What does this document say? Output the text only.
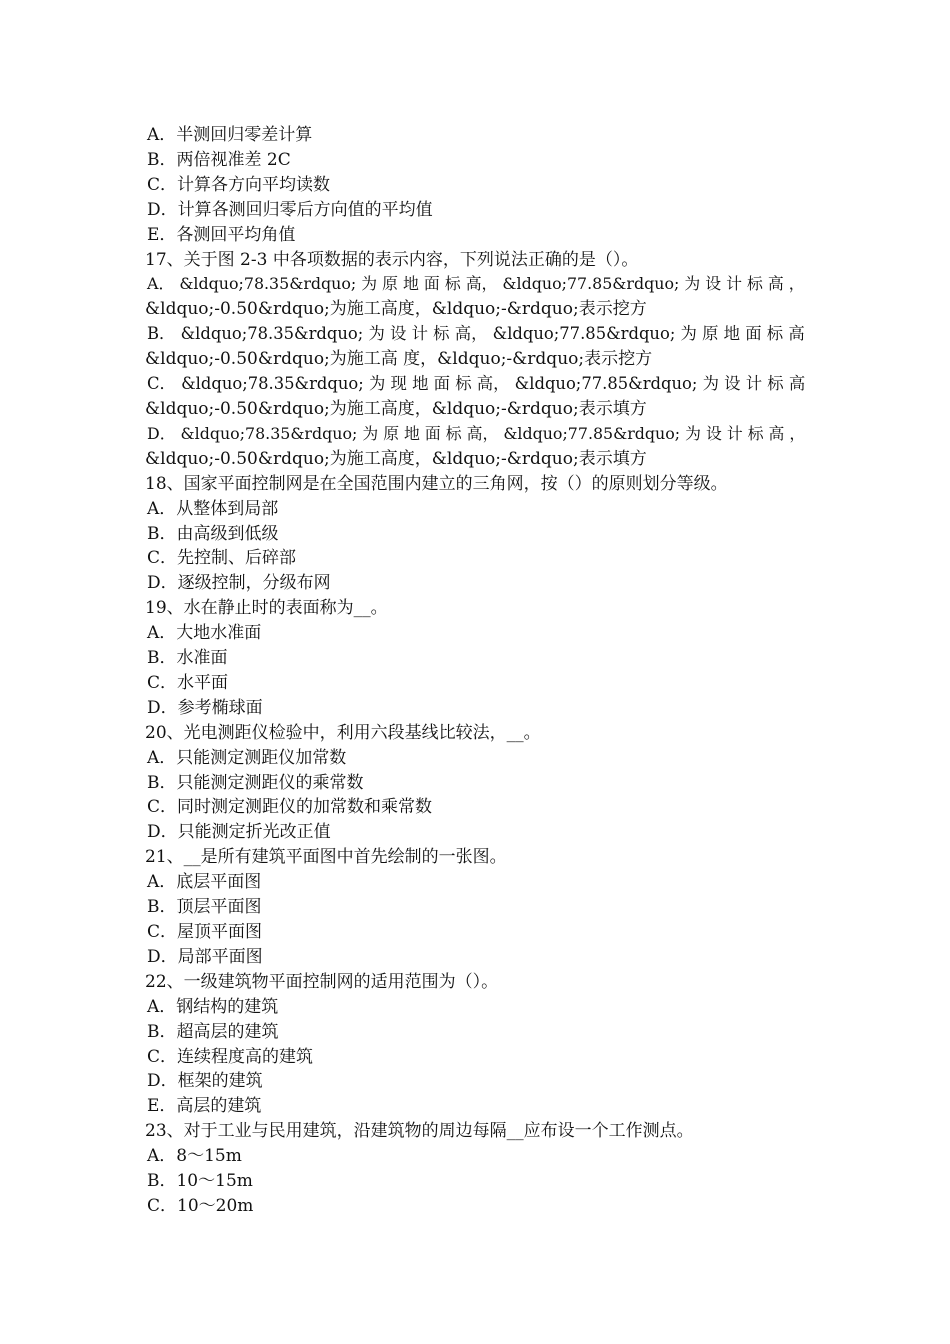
A．半测回归零差计算
B．两倍视准差 2C
C．计算各方向平均读数
D．计算各测回归零后方向值的平均值
E．各测回平均角值
17、关于图 2-3 中各项数据的表示内容，下列说法正确的是（）。
A． &ldquo;78.35&rdquo; 为 原 地 面 标 高， &ldquo;77.85&rdquo; 为 设 计 标 高 ，
&ldquo;-0.50&rdquo;为施工高度，&ldquo;-&rdquo;表示挖方
B． &ldquo;78.35&rdquo; 为 设 计 标 高， &ldquo;77.85&rdquo; 为 原 地 面 标 高
&ldquo;-0.50&rdquo;为施工高 度，&ldquo;-&rdquo;表示挖方
C． &ldquo;78.35&rdquo; 为 现 地 面 标 高， &ldquo;77.85&rdquo; 为 设 计 标 高
&ldquo;-0.50&rdquo;为施工高度，&ldquo;-&rdquo;表示填方
D． &ldquo;78.35&rdquo; 为 原 地 面 标 高， &ldquo;77.85&rdquo; 为 设 计 标 高 ，
&ldquo;-0.50&rdquo;为施工高度，&ldquo;-&rdquo;表示填方
18、国家平面控制网是在全国范围内建立的三角网，按（）的原则划分等级。
A．从整体到局部
B．由高级到低级
C．先控制、后碎部
D．逐级控制，分级布网
19、水在静止时的表面称为__。
A．大地水准面
B．水准面
C．水平面
D．参考椭球面
20、光电测距仪检验中，利用六段基线比较法，__。
A．只能测定测距仪加常数
B．只能测定测距仪的乘常数
C．同时测定测距仪的加常数和乘常数
D．只能测定折光改正值
21、__是所有建筑平面图中首先绘制的一张图。
A．底层平面图
B．顶层平面图
C．屋顶平面图
D．局部平面图
22、一级建筑物平面控制网的适用范围为（）。
A．钢结构的建筑
B．超高层的建筑
C．连续程度高的建筑
D．框架的建筑
E．高层的建筑
23、对于工业与民用建筑，沿建筑物的周边每隔__应布设一个工作测点。
A．8～15m
B．10～15m
C．10～20m
